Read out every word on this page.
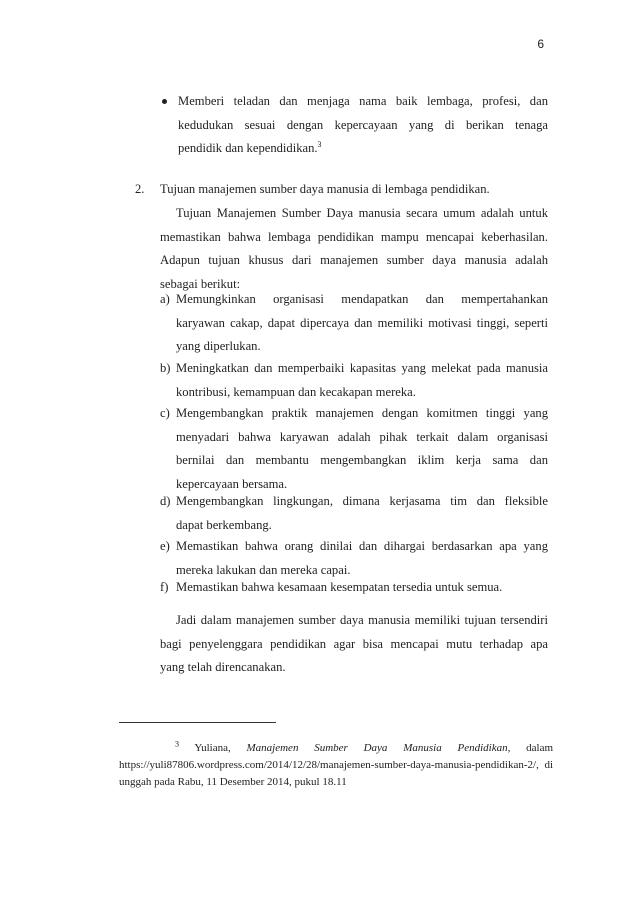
6
Memberi teladan dan menjaga nama baik lembaga, profesi, dan
kedudukan sesuai dengan kepercayaan yang di berikan tenaga
pendidik dan kependidikan.$^3$
2. Tujuan manajemen sumber daya manusia di lembaga pendidikan.
Tujuan Manajemen Sumber Daya manusia secara umum adalah untuk
memastikan bahwa lembaga pendidikan mampu mencapai keberhasilan.
Adapun tujuan khusus dari manajemen sumber daya manusia adalah
sebagai berikut:
a) Memungkinkan organisasi mendapatkan dan mempertahankan
karyawan cakap, dapat dipercaya dan memiliki motivasi tinggi, seperti
yang diperlukan.
b) Meningkatkan dan memperbaiki kapasitas yang melekat pada manusia
kontribusi, kemampuan dan kecakapan mereka.
c) Mengembangkan praktik manajemen dengan komitmen tinggi yang
menyadari bahwa karyawan adalah pihak terkait dalam organisasi
bernilai dan membantu mengembangkan iklim kerja sama dan
kepercayaan bersama.
d) Mengembangkan lingkungan, dimana kerjasama tim dan fleksible
dapat berkembang.
e) Memastikan bahwa orang dinilai dan dihargai berdasarkan apa yang
mereka lakukan dan mereka capai.
f) Memastikan bahwa kesamaan kesempatan tersedia untuk semua.
Jadi dalam manajemen sumber daya manusia memiliki tujuan tersendiri
bagi penyelenggara pendidikan agar bisa mencapai mutu terhadap apa
yang telah direncanakan.
$^3$ Yuliana, Manajemen Sumber Daya Manusia Pendidikan, dalam
https://yuli87806.wordpress.com/2014/12/28/manajemen-sumber-daya-manusia-pendidikan-2/, di
unggah pada Rabu, 11 Desember 2014, pukul 18.11
